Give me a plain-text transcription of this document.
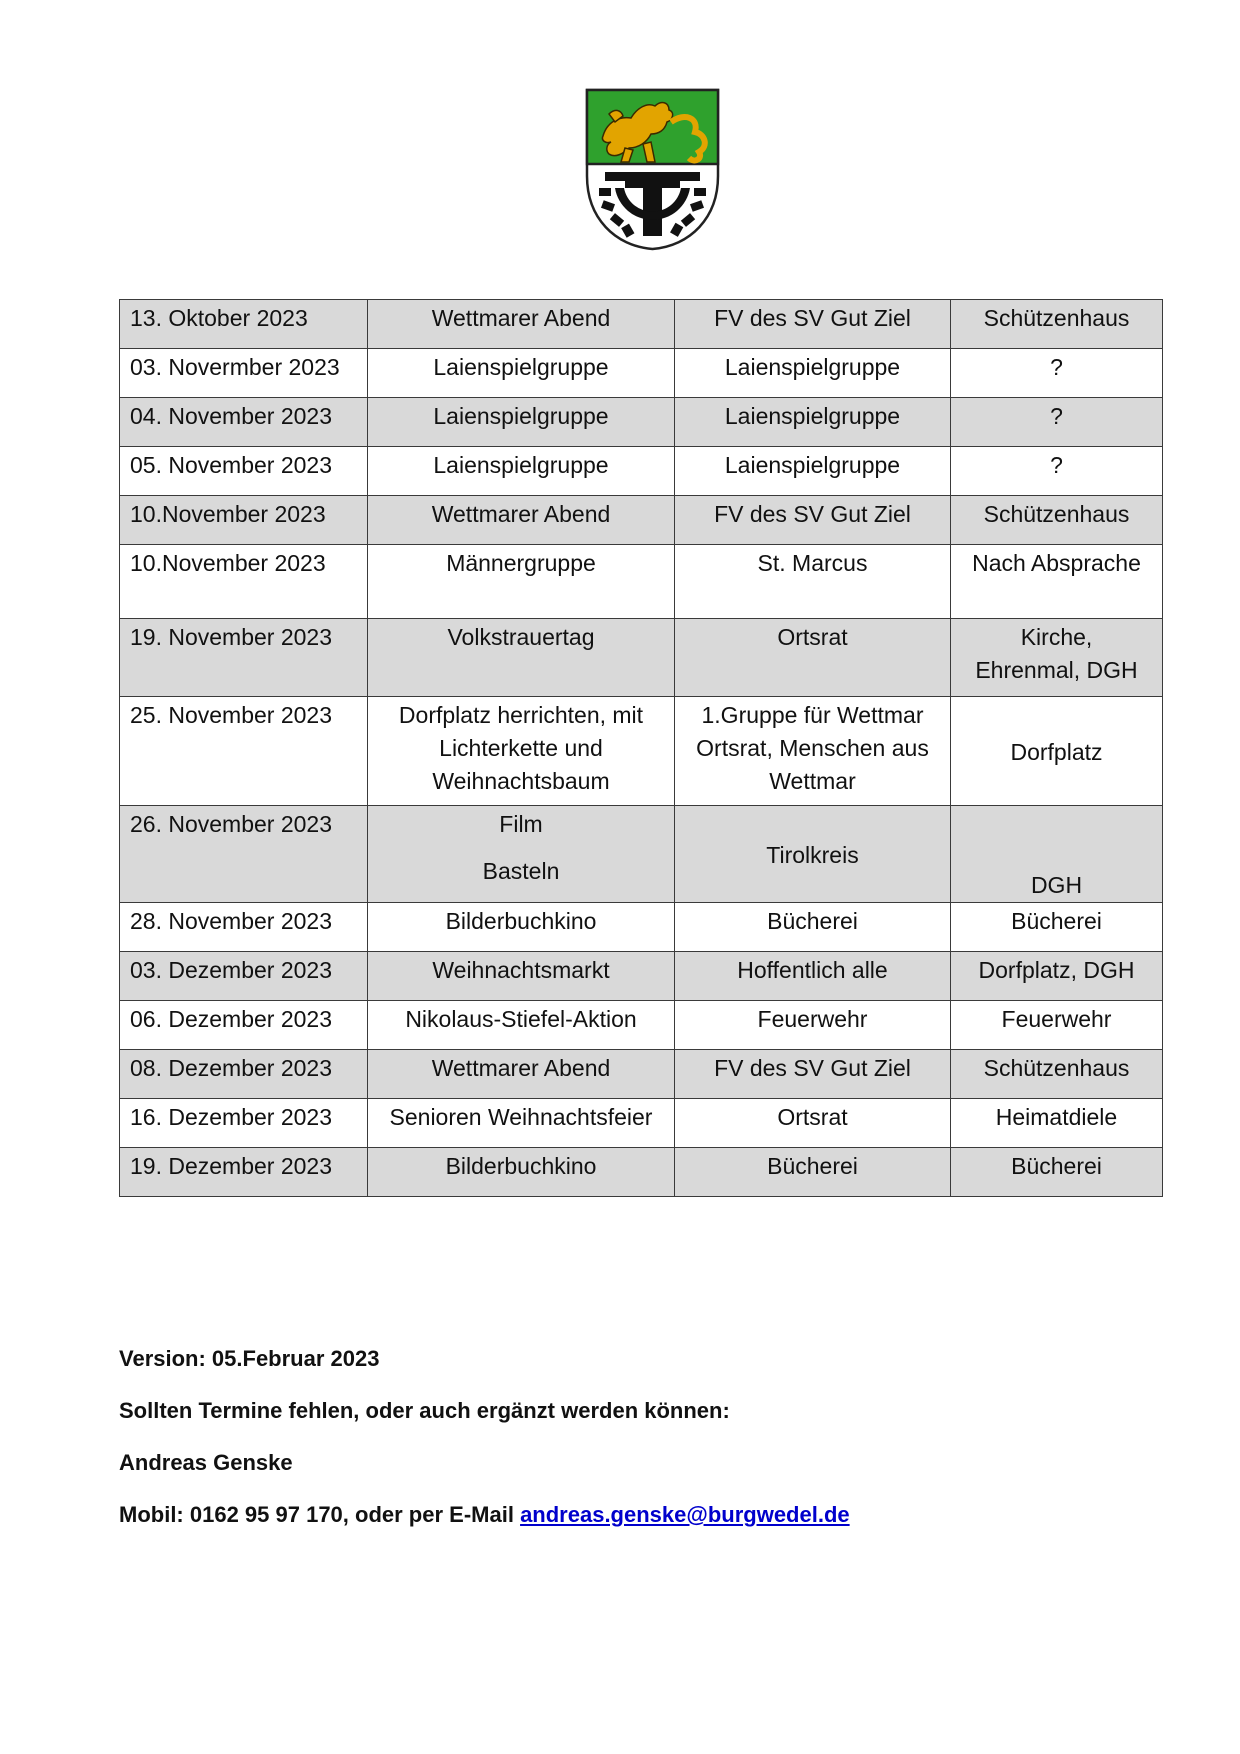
13. Oktober 2023	Wettmarer Abend	FV des SV Gut Ziel	Schützenhaus

03. Novermber 2023	Laienspielgruppe	Laienspielgruppe	?

04. November 2023	Laienspielgruppe	Laienspielgruppe	?

05. November 2023	Laienspielgruppe	Laienspielgruppe	?

10.November 2023	Wettmarer Abend	FV des SV Gut Ziel	Schützenhaus

10.November 2023	Männergruppe	St. Marcus	Nach Absprache

19. November 2023	Volkstrauertag	Ortsrat	Kirche,
Ehrenmal, DGH

25. November 2023	Dorfplatz herrichten, mit
Lichterkette und
Weihnachtsbaum	1.Gruppe für Wettmar
Ortsrat, Menschen aus
Wettmar	Dorfplatz

26. November 2023	Film
Basteln	Tirolkreis	DGH

28. November 2023	Bilderbuchkino	Bücherei	Bücherei

03. Dezember 2023	Weihnachtsmarkt	Hoffentlich alle	Dorfplatz, DGH

06. Dezember 2023	Nikolaus-Stiefel-Aktion	Feuerwehr	Feuerwehr

08. Dezember 2023	Wettmarer Abend	FV des SV Gut Ziel	Schützenhaus

16. Dezember 2023	Senioren Weihnachtsfeier	Ortsrat	Heimatdiele

19. Dezember 2023	Bilderbuchkino	Bücherei	Bücherei

Version: 05.Februar 2023

Sollten Termine fehlen, oder auch ergänzt werden können:

Andreas Genske

Mobil: 0162 95 97 170, oder per E-Mail andreas.genske@burgwedel.de
